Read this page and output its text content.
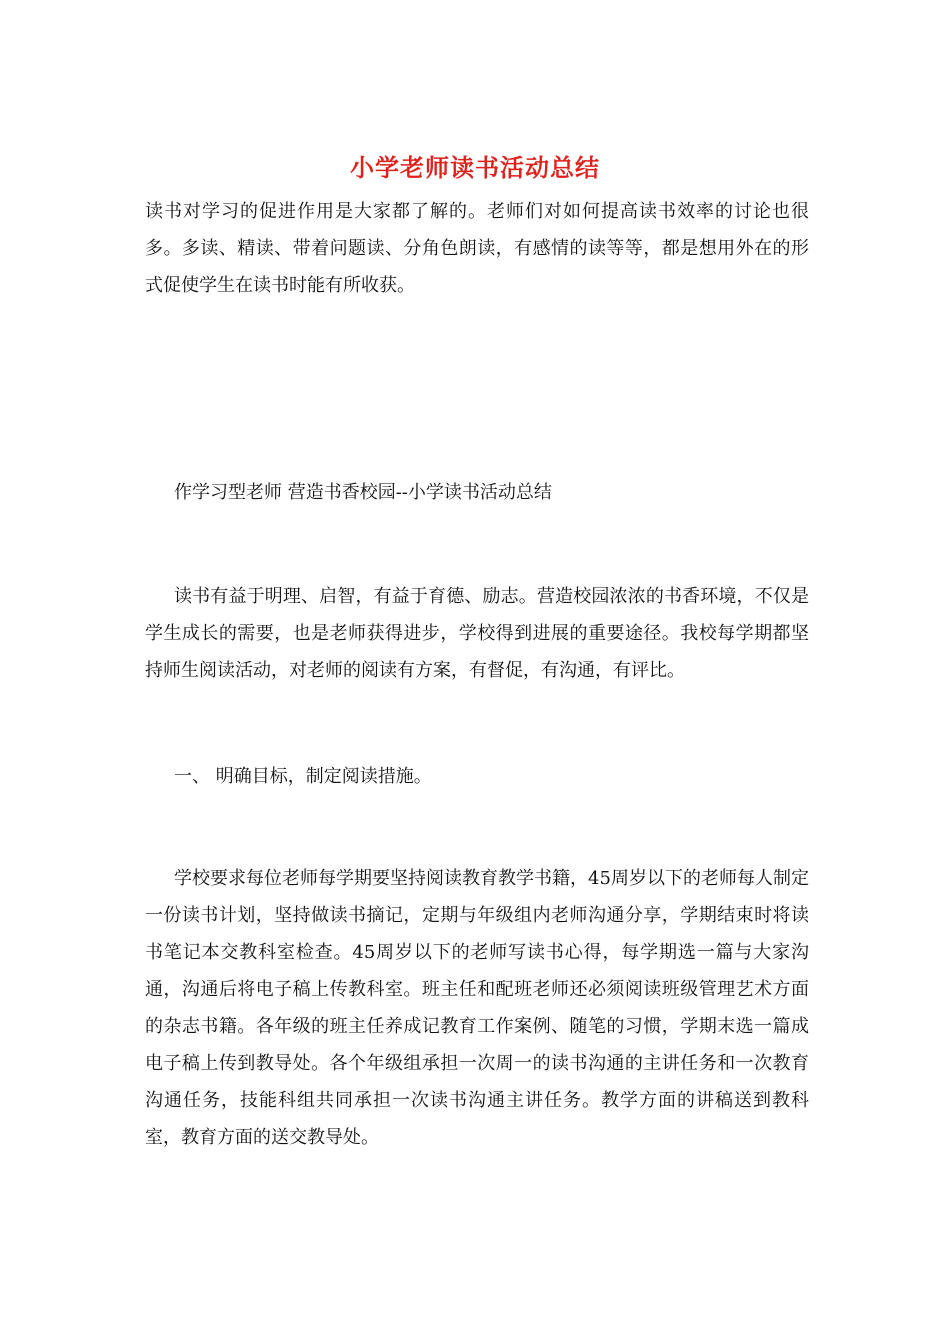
小学老师读书活动总结

读书对学习的促进作用是大家都了解的。老师们对如何提高读书效率的讨论也很多。多读、精读、带着问题读、分角色朗读，有感情的读等等，都是想用外在的形式促使学生在读书时能有所收获。

作学习型老师 营造书香校园--小学读书活动总结

读书有益于明理、启智，有益于育德、励志。营造校园浓浓的书香环境，不仅是学生成长的需要，也是老师获得进步，学校得到进展的重要途径。我校每学期都坚持师生阅读活动，对老师的阅读有方案，有督促，有沟通，有评比。

一、 明确目标，制定阅读措施。

学校要求每位老师每学期要坚持阅读教育教学书籍，45周岁以下的老师每人制定一份读书计划，坚持做读书摘记，定期与年级组内老师沟通分享，学期结束时将读书笔记本交教科室检查。45周岁以下的老师写读书心得，每学期选一篇与大家沟通，沟通后将电子稿上传教科室。班主任和配班老师还必须阅读班级管理艺术方面的杂志书籍。各年级的班主任养成记教育工作案例、随笔的习惯，学期末选一篇成电子稿上传到教导处。各个年级组承担一次周一的读书沟通的主讲任务和一次教育沟通任务，技能科组共同承担一次读书沟通主讲任务。教学方面的讲稿送到教科室，教育方面的送交教导处。
